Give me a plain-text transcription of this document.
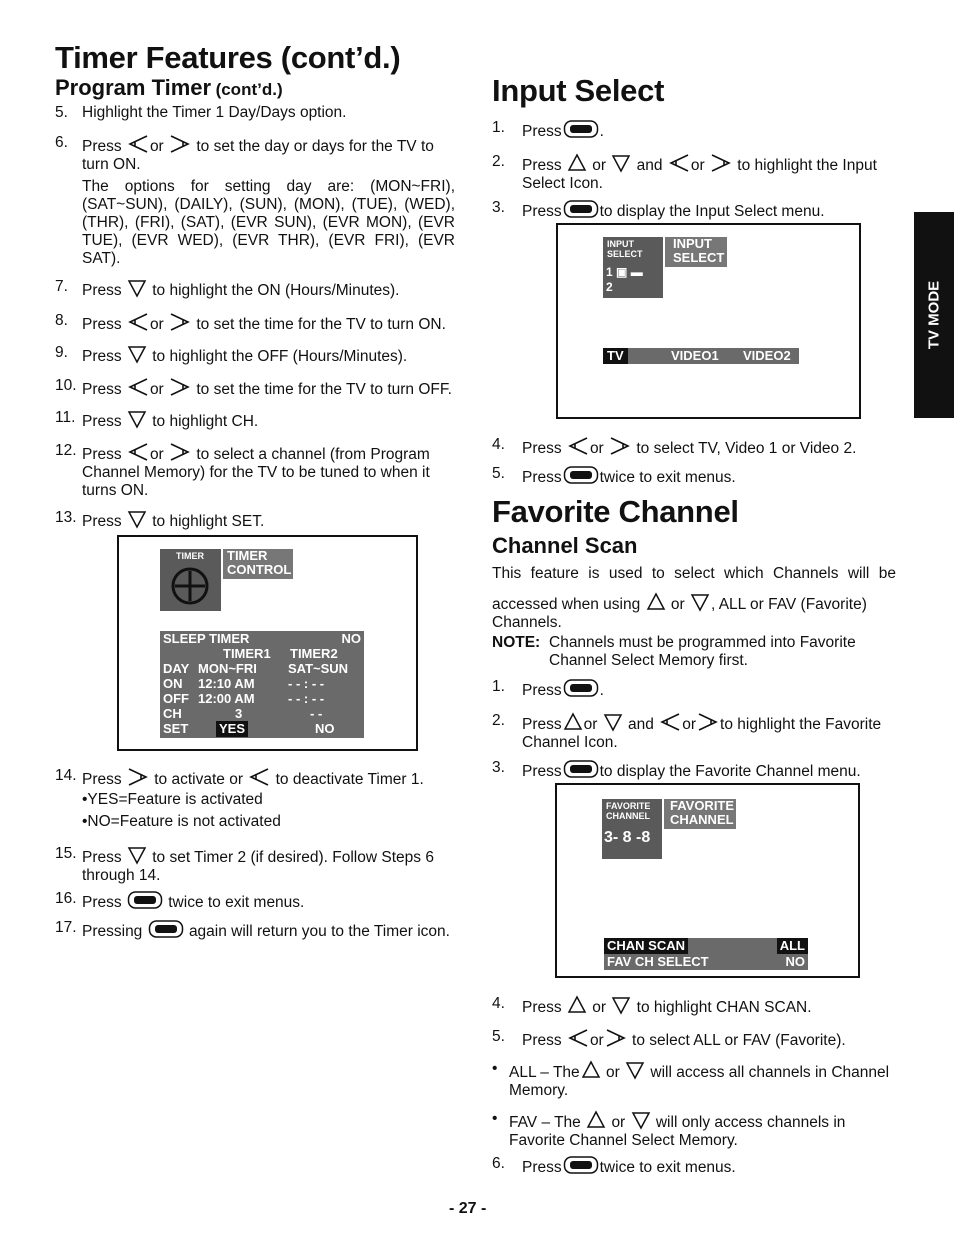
Timer Features (cont’d.)
Program Timer (cont’d.)
5. Highlight the Timer 1 Day/Days option.
6. Press or to set the day or days for the TV to turn ON.
The options for setting day are: (MON~FRI), (SAT~SUN), (DAILY), (SUN), (MON), (TUE), (WED), (THR), (FRI), (SAT), (EVR SUN), (EVR MON), (EVR TUE), (EVR WED), (EVR THR), (EVR FRI), (EVR SAT).
7. Press to highlight the ON (Hours/Minutes).
8. Press or to set the time for the TV to turn ON.
9. Press to highlight the OFF (Hours/Minutes).
10. Press or to set the time for the TV to turn OFF.
11. Press to highlight CH.
12. Press or to select a channel (from Program Channel Memory) for the TV to be tuned to when it turns ON.
13. Press to highlight SET.
TIMER	TIMER
CONTROL
SLEEP TIMER	NO
TIMER1 TIMER2
DAY MON~FRI SAT~SUN
ON 12:10 AM	- - : - -
OFF 12:00 AM	- - : - -
CH	3	- -
SET YES	NO
14. Press to activate or to deactivate Timer 1.
•YES=Feature is activated
•NO=Feature is not activated
15. Press to set Timer 2 (if desired). Follow Steps 6 through 14.
16. Press	twice to exit menus.
17. Pressing	again will return you to the Timer icon.
Input Select
1. Press .
2. Press or and or to highlight the Input Select Icon.
3. Press to display the Input Select menu.
INPUT SELECT
1 ▣ ▬
2
INPUT
SELECT
TV	VIDEO1 VIDEO2
4. Press or to select TV, Video 1 or Video 2.
5. Press twice to exit menus.
Favorite Channel
Channel Scan
This feature is used to select which Channels will be
accessed when using or , ALL or FAV (Favorite) Channels.
NOTE: Channels must be programmed into Favorite Channel Select Memory first.
1. Press .
2. Press or and or to highlight the Favorite Channel Icon.
3. Press to display the Favorite Channel menu.
FAVORITE CHANNEL
3- 8 -8
FAVORITE
CHANNEL
CHAN SCAN	ALL
FAV CH SELECT	NO
4. Press or to highlight CHAN SCAN.
5. Press or to select ALL or FAV (Favorite).
• ALL – The or will access all channels in Channel Memory.
• FAV – The or will only access channels in Favorite Channel Select Memory.
6. Press twice to exit menus.
TV MODE
- 27 -
